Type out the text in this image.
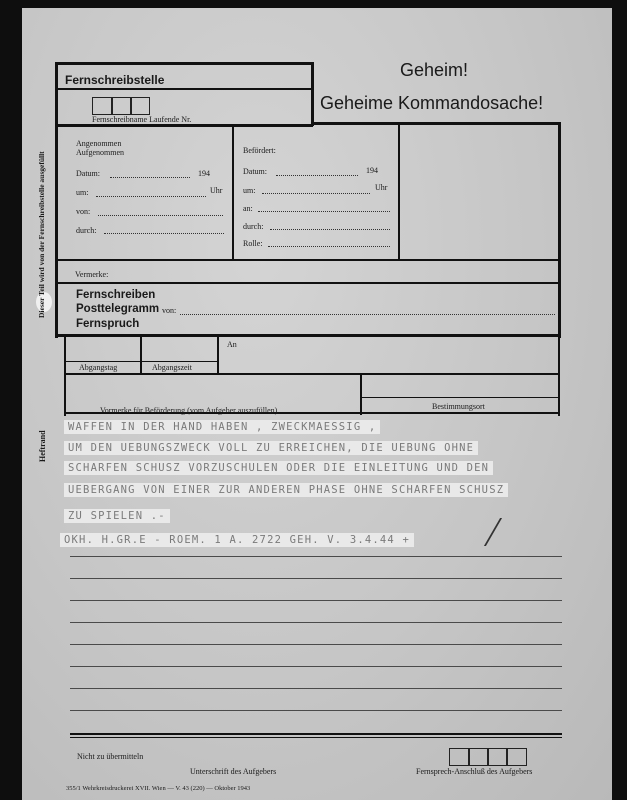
Dieser Teil wird von der Fernschreibstelle ausgefüllt
Heftrand
Fernschreibstelle
Fernschreibname Laufende Nr.
Geheim!
Geheime Kommandosache!
Angenommen
Aufgenommen
Datum:	194
um:	Uhr
von:
durch:
Befördert:
Datum:	194
um:	Uhr
an:
durch:
Rolle:
Vermerke:
Fernschreiben
Posttelegramm von:
Fernspruch
An
Abgangstag	Abgangszeit
Vormerke für Beförderung (vom Aufgeber auszufüllen)	Bestimmungsort
WAFFEN IN DER HAND HABEN , ZWECKMAESSIG ,
UM DEN UEBUNGSZWECK VOLL ZU ERREICHEN, DIE UEBUNG OHNE
SCHARFEN SCHUSZ VORZUSCHULEN ODER DIE EINLEITUNG UND DEN
UEBERGANG VON EINER ZUR ANDEREN PHASE OHNE SCHARFEN SCHUSZ
ZU SPIELEN .-
OKH. H.GR.E - ROEM. 1 A. 2722 GEH. V. 3.4.44 +
Nicht zu übermitteln
Unterschrift des Aufgebers	Fernsprech-Anschluß des Aufgebers
355/1 Wehrkreisdruckerei XVII. Wien — V. 43 (220) — Oktober 1943
